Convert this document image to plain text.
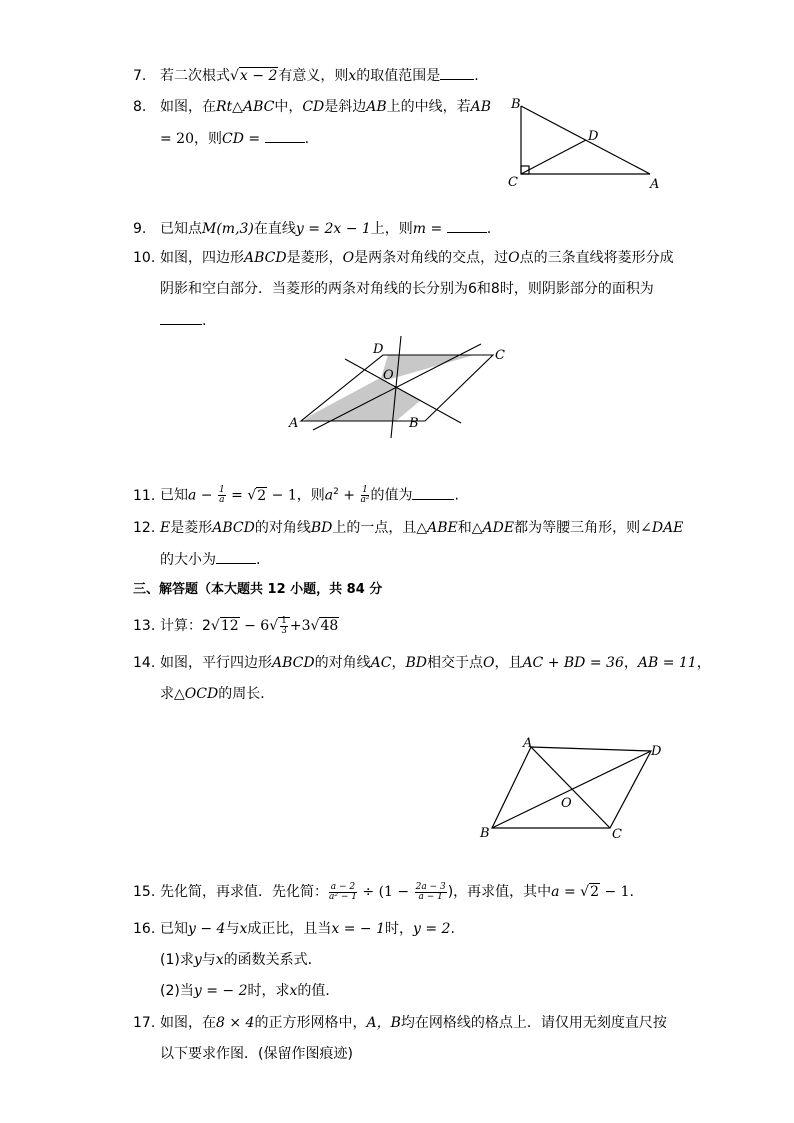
7. 若二次根式√x − 2有意义，则x的取值范围是 .
8. 如图，在Rt△ABC中，CD是斜边AB上的中线，若AB
= 20，则CD =	.
B
C	A
D
9. 已知点M(m,3)在直线y = 2x − 1上，则m =	.
10. 如图，四边形ABCD是菱形，O是两条对角线的交点，过O点的三条直线将菱形分成
阴影和空白部分．当菱形的两条对角线的长分别为6和8时，则阴影部分的面积为
.
D	C
O
A	B
11. 已知$a - \frac{1}{a} = √2 - 1$，则$a^2 + \frac{1}{\text{a²}}$ 的值为	.
E是菱形ABCD的对角线BD上的一点，且△ABE和△ADE都为等腰三角形，则∠DAE
12.
的大小为	.
三、解答题（本大题共 12 小题，共 84 分
13. 计算：$2√12 - 6√ \frac{1}{3} +3√48$
14. 如图，平行四边形ABCD的对角线AC，BD相交于点O，且AC + BD = 36，AB = 11，
求△OCD的周长．
A
D
O
B	C
15. 先化简，再求值．先化简： $\frac{a - 2}{\text{a² − 1}} \div (1 - \frac{2a - 3}{a - 1}$ )，再求值，其中a = √2 − 1.
16. 已知y − 4与x成正比，且当x = − 1时，y = 2.
(1)求y与x的函数关系式．
(2)当y = − 2时，求x的值．
17. 如图，在8 × 4的正方形网格中，A，B均在网格线的格点上．请仅用无刻度直尺按
以下要求作图．(保留作图痕迹)
